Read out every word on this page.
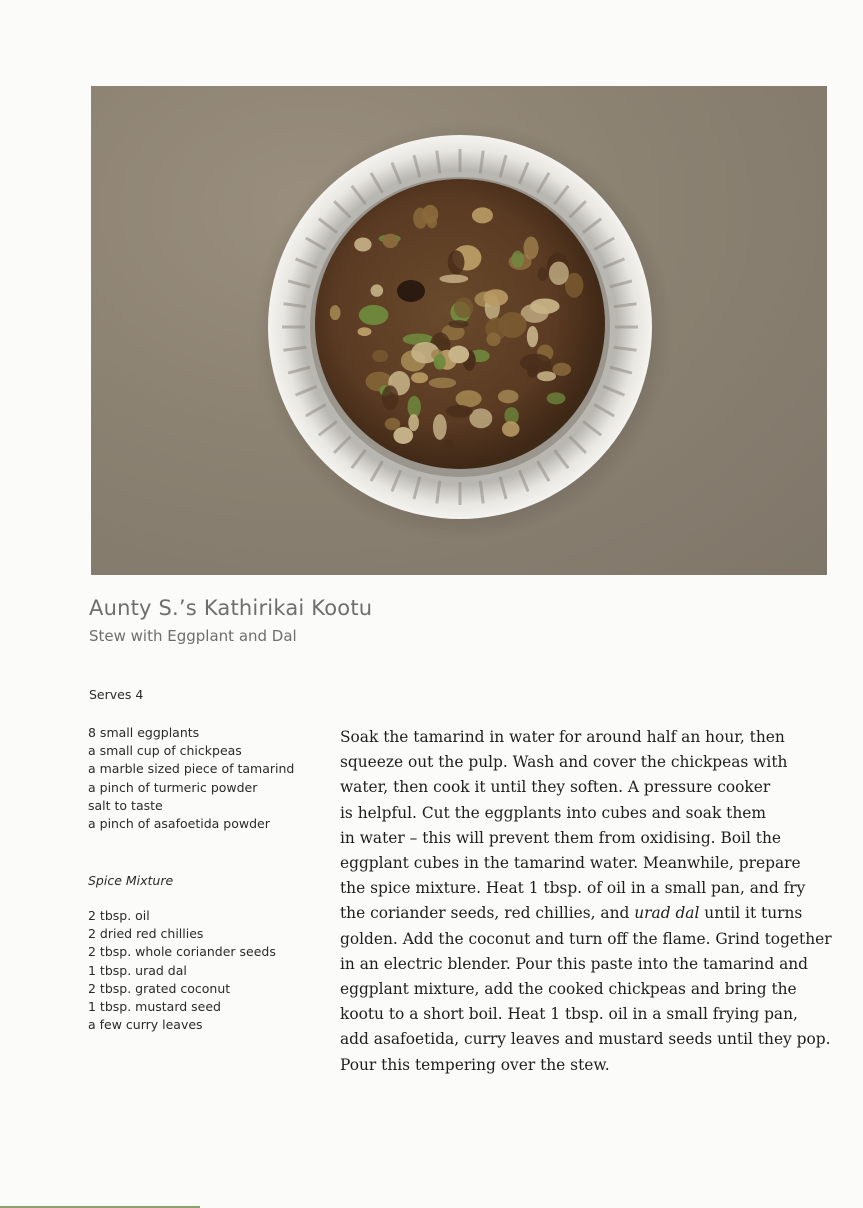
Aunty S.’s Kathirikai Kootu
Stew with Eggplant and Dal
Serves 4
8 small eggplants
a small cup of chickpeas
a marble sized piece of tamarind
a pinch of turmeric powder
salt to taste
a pinch of asafoetida powder
Spice Mixture
2 tbsp. oil
2 dried red chillies
2 tbsp. whole coriander seeds
1 tbsp. urad dal
2 tbsp. grated coconut
1 tbsp. mustard seed
a few curry leaves

Soak the tamarind in water for around half an hour, then
squeeze out the pulp. Wash and cover the chickpeas with
water, then cook it until they soften. A pressure cooker
is helpful. Cut the eggplants into cubes and soak them
in water – this will prevent them from oxidising. Boil the
eggplant cubes in the tamarind water. Meanwhile, prepare
the spice mixture. Heat 1 tbsp. of oil in a small pan, and fry
the coriander seeds, red chillies, and urad dal until it turns
golden. Add the coconut and turn off the flame. Grind together
in an electric blender. Pour this paste into the tamarind and
eggplant mixture, add the cooked chickpeas and bring the
kootu to a short boil. Heat 1 tbsp. oil in a small frying pan,
add asafoetida, curry leaves and mustard seeds until they pop.
Pour this tempering over the stew.
